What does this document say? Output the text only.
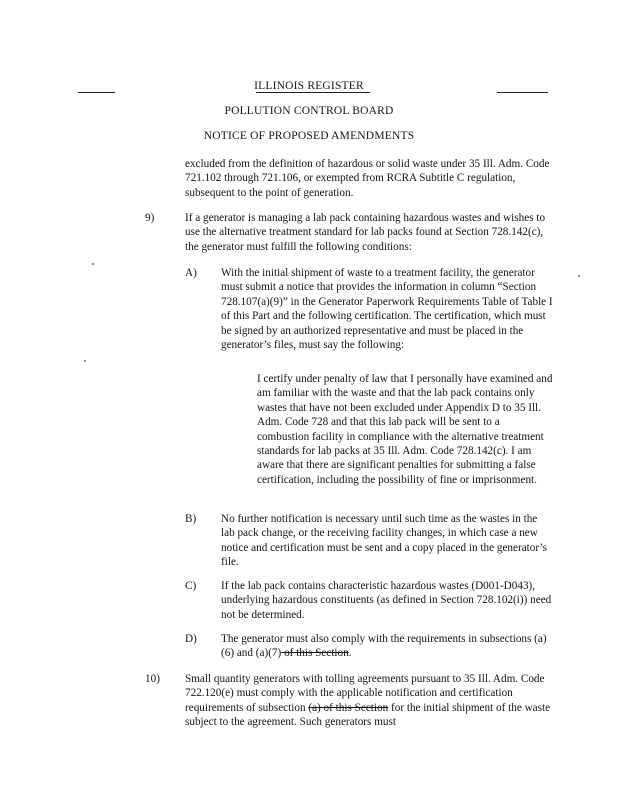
ILLINOIS REGISTER
POLLUTION CONTROL BOARD
NOTICE OF PROPOSED AMENDMENTS

excluded from the definition of hazardous or solid waste under 35 Ill. Adm. Code 721.102 through 721.106, or exempted from RCRA Subtitle C regulation, subsequent to the point of generation.

9)	If a generator is managing a lab pack containing hazardous wastes and wishes to use the alternative treatment standard for lab packs found at Section 728.142(c), the generator must fulfill the following conditions:

A) With the initial shipment of waste to a treatment facility, the generator must submit a notice that provides the information in column “Section 728.107(a)(9)” in the Generator Paperwork Requirements Table of Table I of this Part and the following certification. The certification, which must be signed by an authorized representative and must be placed in the generator’s files, must say the following:

I certify under penalty of law that I personally have examined and am familiar with the waste and that the lab pack contains only wastes that have not been excluded under Appendix D to 35 Ill. Adm. Code 728 and that this lab pack will be sent to a combustion facility in compliance with the alternative treatment standards for lab packs at 35 Ill. Adm. Code 728.142(c). I am aware that there are significant penalties for submitting a false certification, including the possibility of fine or imprisonment.

B) No further notification is necessary until such time as the wastes in the lab pack change, or the receiving facility changes, in which case a new notice and certification must be sent and a copy placed in the generator’s file.

C) If the lab pack contains characteristic hazardous wastes (D001-D043), underlying hazardous constituents (as defined in Section 728.102(i)) need not be determined.

D) The generator must also comply with the requirements in subsections (a)(6) and (a)(7) of this Section.

10) Small quantity generators with tolling agreements pursuant to 35 Ill. Adm. Code 722.120(e) must comply with the applicable notification and certification requirements of subsection (a) of this Section for the initial shipment of the waste subject to the agreement. Such generators must
